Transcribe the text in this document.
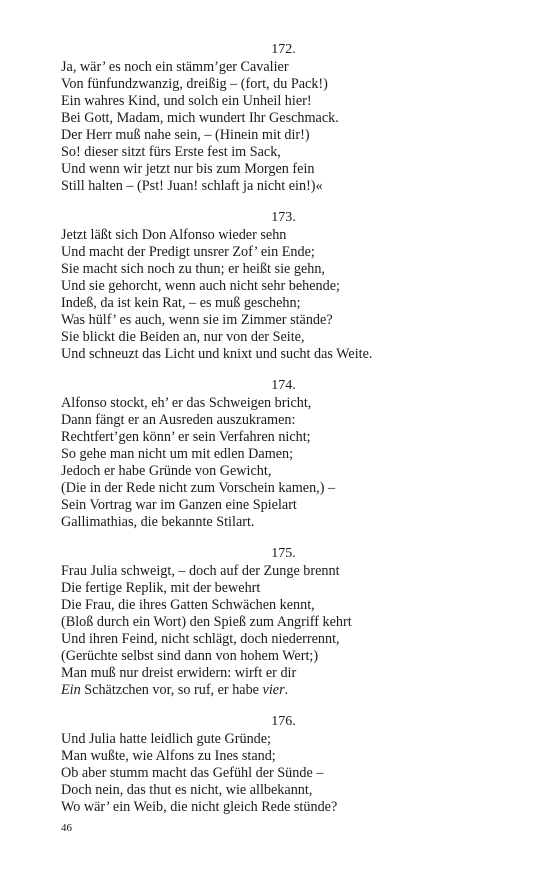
172.
Ja, wär’ es noch ein stämm’ger Cavalier
Von fünfundzwanzig, dreißig – (fort, du Pack!)
Ein wahres Kind, und solch ein Unheil hier!
Bei Gott, Madam, mich wundert Ihr Geschmack.
Der Herr muß nahe sein, – (Hinein mit dir!)
So! dieser sitzt fürs Erste fest im Sack,
Und wenn wir jetzt nur bis zum Morgen fein
Still halten – (Pst! Juan! schlaft ja nicht ein!)«
173.
Jetzt läßt sich Don Alfonso wieder sehn
Und macht der Predigt unsrer Zof’ ein Ende;
Sie macht sich noch zu thun; er heißt sie gehn,
Und sie gehorcht, wenn auch nicht sehr behende;
Indeß, da ist kein Rat, – es muß geschehn;
Was hülf’ es auch, wenn sie im Zimmer stände?
Sie blickt die Beiden an, nur von der Seite,
Und schneuzt das Licht und knixt und sucht das Weite.
174.
Alfonso stockt, eh’ er das Schweigen bricht,
Dann fängt er an Ausreden auszukramen:
Rechtfert’gen könn’ er sein Verfahren nicht;
So gehe man nicht um mit edlen Damen;
Jedoch er habe Gründe von Gewicht,
(Die in der Rede nicht zum Vorschein kamen,) –
Sein Vortrag war im Ganzen eine Spielart
Gallimathias, die bekannte Stilart.
175.
Frau Julia schweigt, – doch auf der Zunge brennt
Die fertige Replik, mit der bewehrt
Die Frau, die ihres Gatten Schwächen kennt,
(Bloß durch ein Wort) den Spieß zum Angriff kehrt
Und ihren Feind, nicht schlägt, doch niederrennt,
(Gerüchte selbst sind dann von hohem Wert;)
Man muß nur dreist erwidern: wirft er dir
Ein Schätzchen vor, so ruf, er habe vier.
176.
Und Julia hatte leidlich gute Gründe;
Man wußte, wie Alfons zu Ines stand;
Ob aber stumm macht das Gefühl der Sünde –
Doch nein, das thut es nicht, wie allbekannt,
Wo wär’ ein Weib, die nicht gleich Rede stünde?
46
